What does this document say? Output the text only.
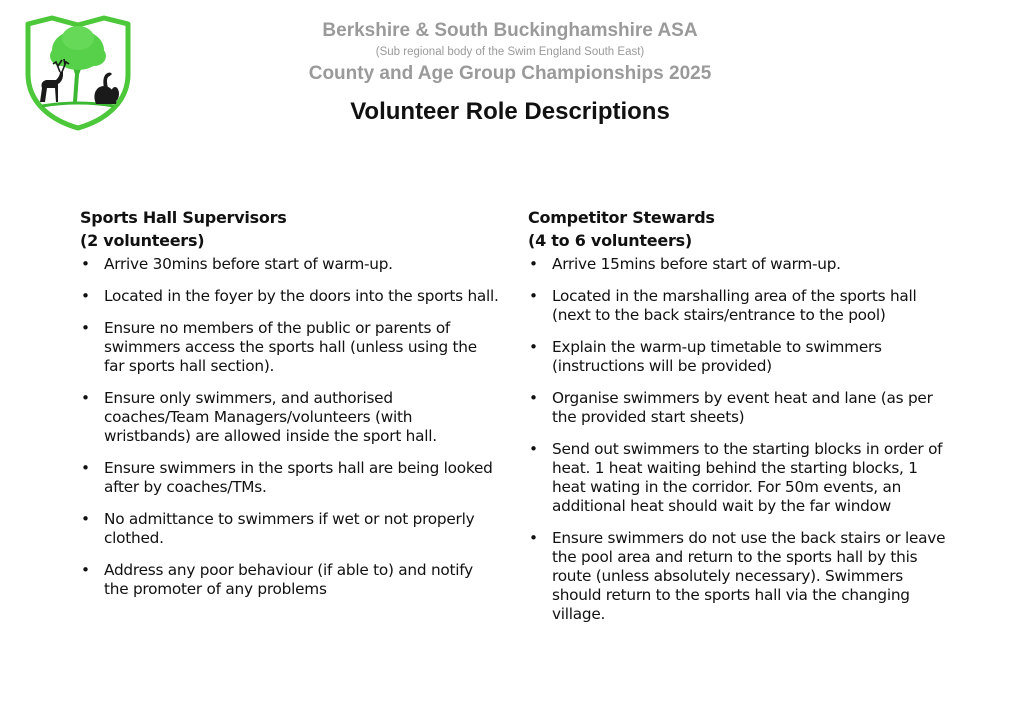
Berkshire & South Buckinghamshire ASA
(Sub regional body of the Swim England South East)
County and Age Group Championships 2025
Volunteer Role Descriptions
Sports Hall Supervisors
(2 volunteers)
• Arrive 30mins before start of warm-up.
• Located in the foyer by the doors into the sports hall.
• Ensure no members of the public or parents of swimmers access the sports hall (unless using the far sports hall section).
• Ensure only swimmers, and authorised coaches/Team Managers/volunteers (with wristbands) are allowed inside the sport hall.
• Ensure swimmers in the sports hall are being looked after by coaches/TMs.
• No admittance to swimmers if wet or not properly clothed.
• Address any poor behaviour (if able to) and notify the promoter of any problems
Competitor Stewards
(4 to 6 volunteers)
• Arrive 15mins before start of warm-up.
• Located in the marshalling area of the sports hall (next to the back stairs/entrance to the pool)
• Explain the warm-up timetable to swimmers (instructions will be provided)
• Organise swimmers by event heat and lane (as per the provided start sheets)
• Send out swimmers to the starting blocks in order of heat. 1 heat waiting behind the starting blocks, 1 heat wating in the corridor. For 50m events, an additional heat should wait by the far window
• Ensure swimmers do not use the back stairs or leave the pool area and return to the sports hall by this route (unless absolutely necessary). Swimmers should return to the sports hall via the changing village.
